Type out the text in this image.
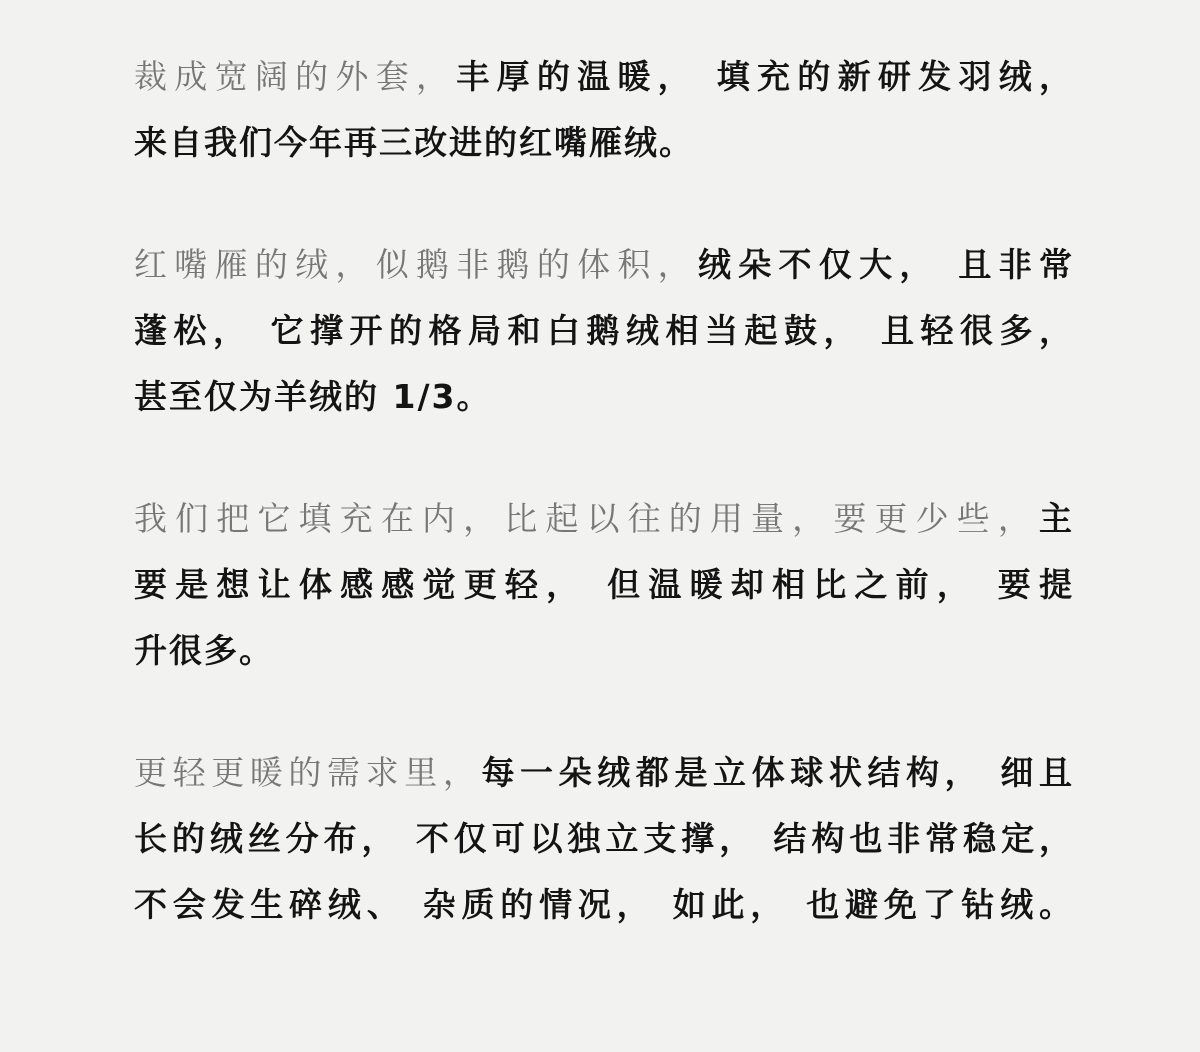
裁成宽阔的外套，丰厚的温暖， 填充的新研发羽绒，
来自我们今年再三改进的红嘴雁绒。
红嘴雁的绒，似鹅非鹅的体积，绒朵不仅大， 且非常
蓬松， 它撑开的格局和白鹅绒相当起鼓， 且轻很多，
甚至仅为羊绒的 1/3。
我们把它填充在内，比起以往的用量，要更少些，主
要是想让体感感觉更轻， 但温暖却相比之前， 要提
升很多。
更轻更暖的需求里，每一朵绒都是立体球状结构， 细且
长的绒丝分布， 不仅可以独立支撑， 结构也非常稳定，
不会发生碎绒、 杂质的情况， 如此， 也避免了钻绒。
